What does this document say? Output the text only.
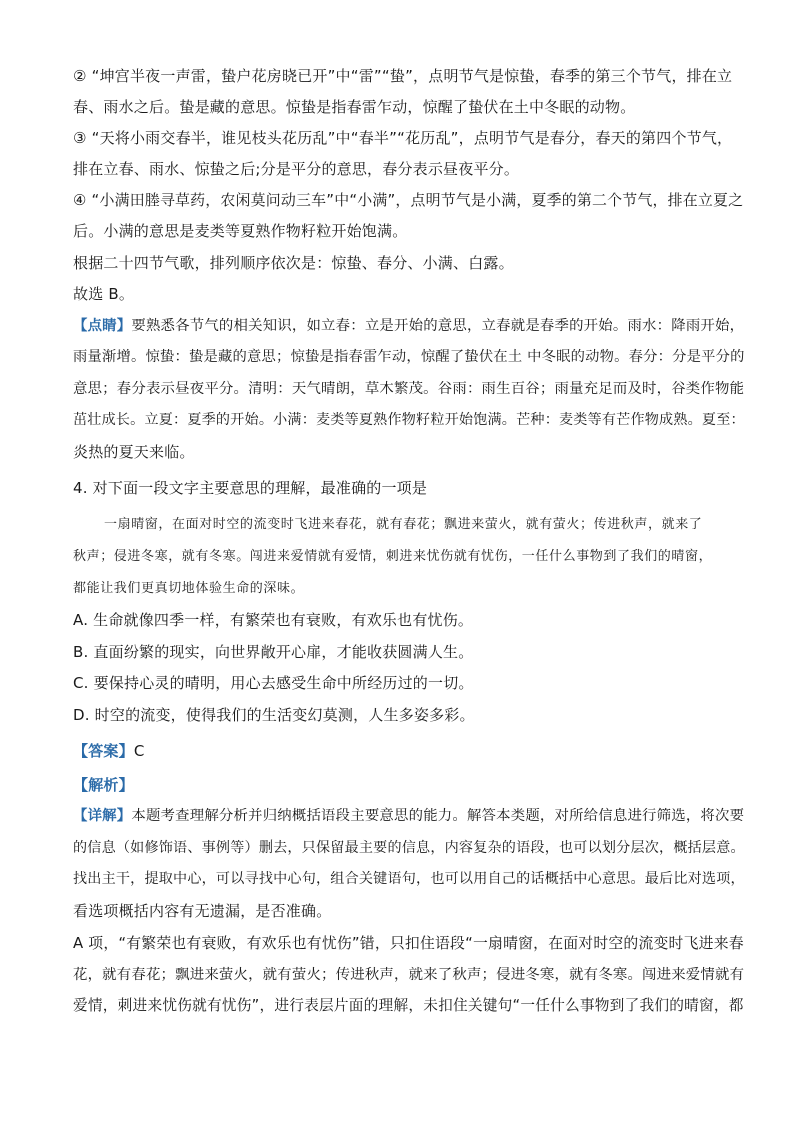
② “坤宫半夜一声雷，蛰户花房晓已开”中“雷”“蛰”，点明节气是惊蛰，春季的第三个节气，排在立
春、雨水之后。蛰是藏的意思。惊蛰是指春雷乍动，惊醒了蛰伏在土中冬眠的动物。
③ “天将小雨交春半，谁见枝头花历乱”中“春半”“花历乱”，点明节气是春分，春天的第四个节气，
排在立春、雨水、惊蛰之后;分是平分的意思，春分表示昼夜平分。
④ “小满田塍寻草药，农闲莫问动三车”中“小满”，点明节气是小满，夏季的第二个节气，排在立夏之
后。小满的意思是麦类等夏熟作物籽粒开始饱满。
根据二十四节气歌，排列顺序依次是：惊蛰、春分、小满、白露。
故选 B。
【点睛】要熟悉各节气的相关知识，如立春：立是开始的意思，立春就是春季的开始。雨水：降雨开始，
雨量渐增。惊蛰：蛰是藏的意思；惊蛰是指春雷乍动，惊醒了蛰伏在土 中冬眠的动物。春分：分是平分的
意思；春分表示昼夜平分。清明：天气晴朗，草木繁茂。谷雨：雨生百谷；雨量充足而及时，谷类作物能
茁壮成长。立夏：夏季的开始。小满：麦类等夏熟作物籽粒开始饱满。芒种：麦类等有芒作物成熟。夏至：
炎热的夏天来临。
4. 对下面一段文字主要意思的理解，最准确的一项是
一扇晴窗，在面对时空的流变时飞进来春花，就有春花；飘进来萤火，就有萤火；传进秋声，就来了
秋声；侵进冬寒，就有冬寒。闯进来爱情就有爱情，刺进来忧伤就有忧伤，一任什么事物到了我们的晴窗，
都能让我们更真切地体验生命的深味。
A. 生命就像四季一样，有繁荣也有衰败，有欢乐也有忧伤。
B. 直面纷繁的现实，向世界敞开心扉，才能收获圆满人生。
C. 要保持心灵的晴明，用心去感受生命中所经历过的一切。
D. 时空的流变，使得我们的生活变幻莫测，人生多姿多彩。
【答案】C
【解析】
【详解】本题考查理解分析并归纳概括语段主要意思的能力。解答本类题，对所给信息进行筛选，将次要
的信息（如修饰语、事例等）删去，只保留最主要的信息，内容复杂的语段，也可以划分层次，概括层意。
找出主干，提取中心，可以寻找中心句，组合关键语句，也可以用自己的话概括中心意思。最后比对选项，
看选项概括内容有无遗漏，是否准确。
A 项，“有繁荣也有衰败，有欢乐也有忧伤”错，只扣住语段“一扇晴窗，在面对时空的流变时飞进来春
花，就有春花；飘进来萤火，就有萤火；传进秋声，就来了秋声；侵进冬寒，就有冬寒。闯进来爱情就有
爱情，刺进来忧伤就有忧伤”，进行表层片面的理解，未扣住关键句“一任什么事物到了我们的晴窗，都
